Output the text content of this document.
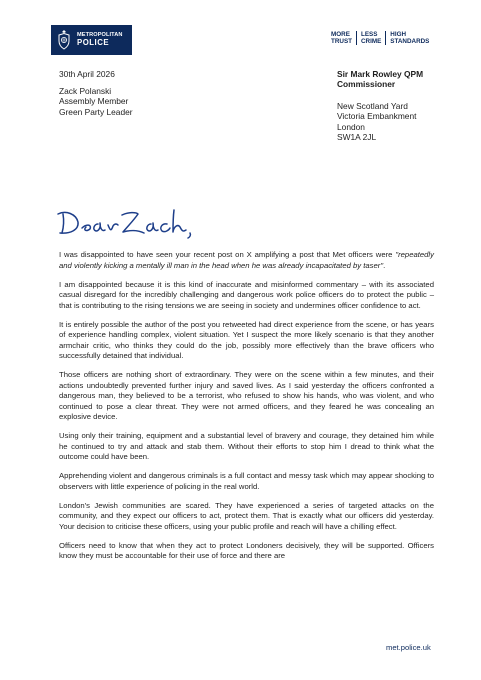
METROPOLITAN
POLICE
MORE
TRUST
LESS
CRIME
HIGH
STANDARDS
30th April 2026
Zack Polanski
Assembly Member
Green Party Leader
Sir Mark Rowley QPM
Commissioner
New Scotland Yard
Victoria Embankment
London
SW1A 2JL

I was disappointed to have seen your recent post on X amplifying a post that Met officers were "repeatedly and violently kicking a mentally ill man in the head when he was already incapacitated by taser".

I am disappointed because it is this kind of inaccurate and misinformed commentary – with its associated casual disregard for the incredibly challenging and dangerous work police officers do to protect the public – that is contributing to the rising tensions we are seeing in society and undermines officer confidence to act.

It is entirely possible the author of the post you retweeted had direct experience from the scene, or has years of experience handling complex, violent situation. Yet I suspect the more likely scenario is that they another armchair critic, who thinks they could do the job, possibly more effectively than the brave officers who successfully detained that individual.

Those officers are nothing short of extraordinary. They were on the scene within a few minutes, and their actions undoubtedly prevented further injury and saved lives. As I said yesterday the officers confronted a dangerous man, they believed to be a terrorist, who refused to show his hands, who was violent, and who continued to pose a clear threat. They were not armed officers, and they feared he was concealing an explosive device.

Using only their training, equipment and a substantial level of bravery and courage, they detained him while he continued to try and attack and stab them. Without their efforts to stop him I dread to think what the outcome could have been.

Apprehending violent and dangerous criminals is a full contact and messy task which may appear shocking to observers with little experience of policing in the real world.

London's Jewish communities are scared. They have experienced a series of targeted attacks on the community, and they expect our officers to act, protect them. That is exactly what our officers did yesterday. Your decision to criticise these officers, using your public profile and reach will have a chilling effect.

Officers need to know that when they act to protect Londoners decisively, they will be supported. Officers know they must be accountable for their use of force and there are

met.police.uk
